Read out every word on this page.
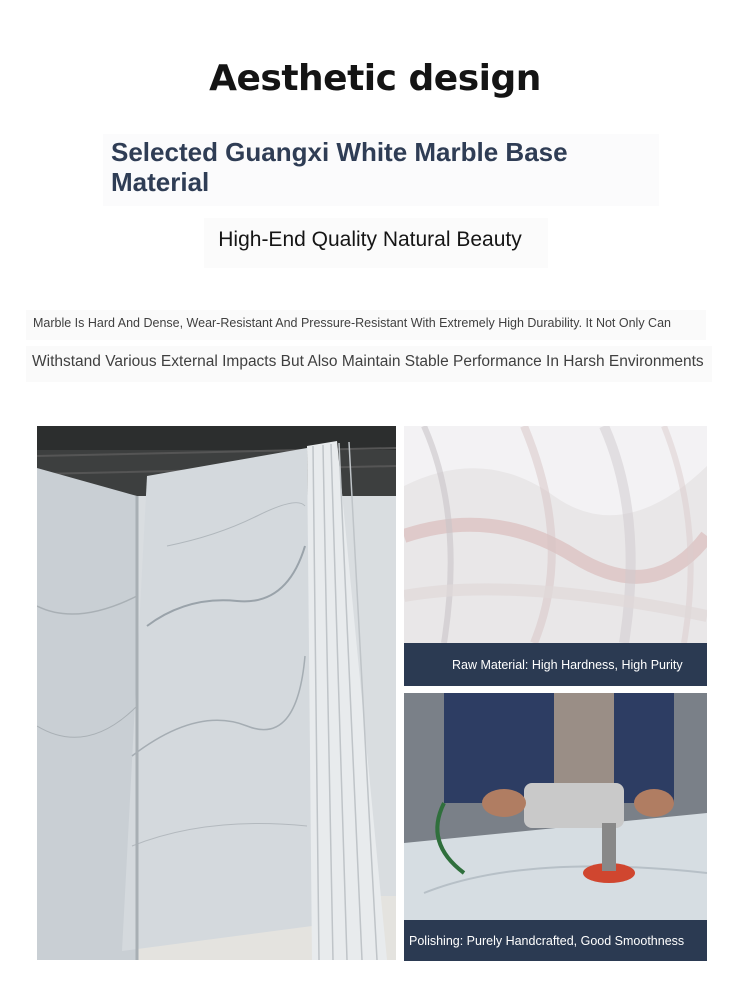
Aesthetic design
Selected Guangxi White Marble Base Material
High-End Quality Natural Beauty
Marble Is Hard And Dense, Wear-Resistant And Pressure-Resistant With Extremely High Durability. It Not Only Can
Withstand Various External Impacts But Also Maintain Stable Performance In Harsh Environments
Raw Material: High Hardness, High Purity
Polishing: Purely Handcrafted, Good Smoothness
